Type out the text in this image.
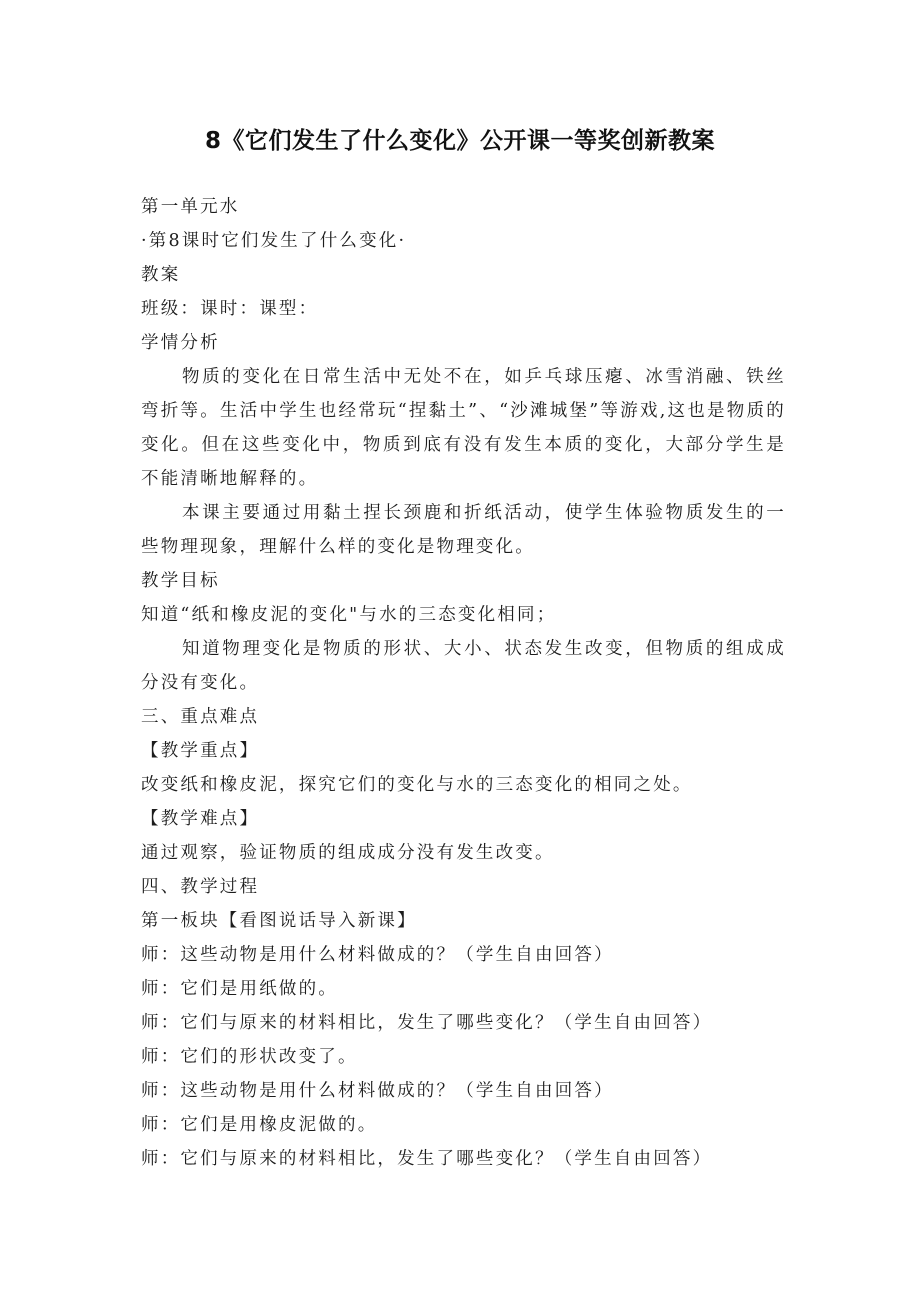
8《它们发生了什么变化》公开课一等奖创新教案

第一单元水

·第8课时它们发生了什么变化·

教案

班级：课时：课型：

学情分析

物质的变化在日常生活中无处不在，如乒乓球压瘪、冰雪消融、铁丝弯折等。生活中学生也经常玩“捏黏土”、“沙滩城堡”等游戏,这也是物质的变化。但在这些变化中，物质到底有没有发生本质的变化，大部分学生是不能清晰地解释的。

本课主要通过用黏土捏长颈鹿和折纸活动，使学生体验物质发生的一些物理现象，理解什么样的变化是物理变化。

教学目标

知道“纸和橡皮泥的变化"与水的三态变化相同；

知道物理变化是物质的形状、大小、状态发生改变，但物质的组成成分没有变化。

三、重点难点

【教学重点】

改变纸和橡皮泥，探究它们的变化与水的三态变化的相同之处。

【教学难点】

通过观察，验证物质的组成成分没有发生改变。

四、教学过程

第一板块【看图说话导入新课】

师：这些动物是用什么材料做成的？（学生自由回答）

师：它们是用纸做的。

师：它们与原来的材料相比，发生了哪些变化？（学生自由回答）

师：它们的形状改变了。

师：这些动物是用什么材料做成的？（学生自由回答）

师：它们是用橡皮泥做的。

师：它们与原来的材料相比，发生了哪些变化？（学生自由回答）
